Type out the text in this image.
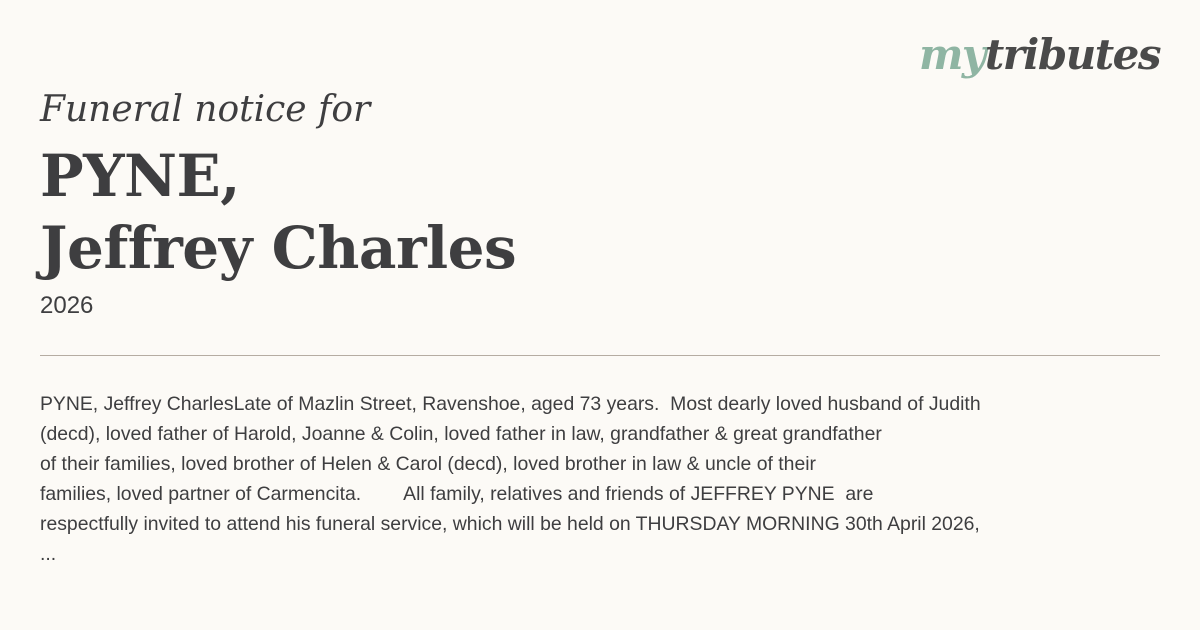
mytributes
Funeral notice for
PYNE,
Jeffrey Charles
2026
PYNE, Jeffrey CharlesLate of Mazlin Street, Ravenshoe, aged 73 years.  Most dearly loved husband of Judith
(decd), loved father of Harold, Joanne & Colin, loved father in law, grandfather & great grandfather
of their families, loved brother of Helen & Carol (decd), loved brother in law & uncle of their
families, loved partner of Carmencita.        All family, relatives and friends of JEFFREY PYNE  are
respectfully invited to attend his funeral service, which will be held on THURSDAY MORNING 30th April 2026,
...
